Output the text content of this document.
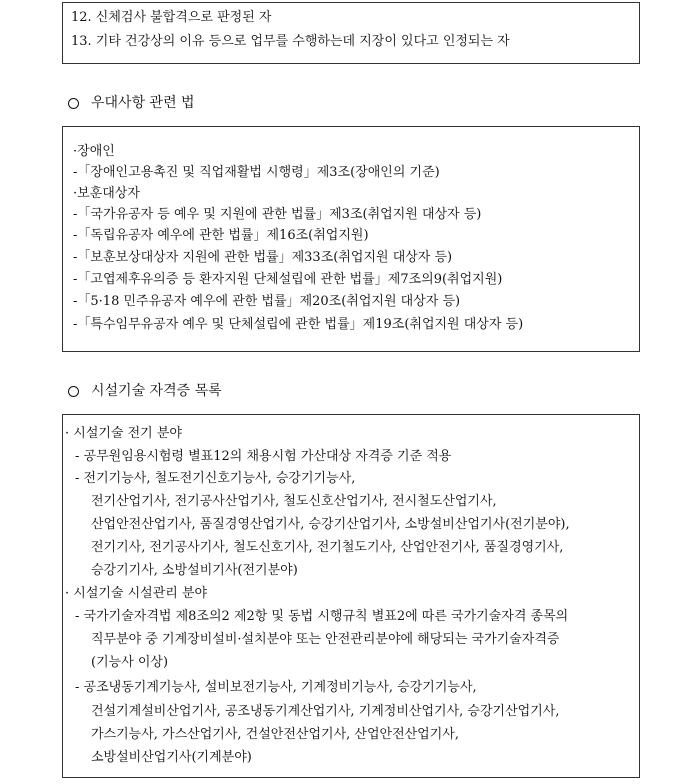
12. 신체검사 불합격으로 판정된 자
13. 기타 건강상의 이유 등으로 업무를 수행하는데 지장이 있다고 인정되는 자
우대사항 관련 법
·장애인
-「장애인고용촉진 및 직업재활법 시행령」제3조(장애인의 기준)
·보훈대상자
-「국가유공자 등 예우 및 지원에 관한 법률」제3조(취업지원 대상자 등)
-「독립유공자 예우에 관한 법률」제16조(취업지원)
-「보훈보상대상자 지원에 관한 법률」제33조(취업지원 대상자 등)
-「고엽제후유의증 등 환자지원 단체설립에 관한 법률」제7조의9(취업지원)
-「5·18 민주유공자 예우에 관한 법률」제20조(취업지원 대상자 등)
-「특수임무유공자 예우 및 단체설립에 관한 법률」제19조(취업지원 대상자 등)
시설기술 자격증 목록
· 시설기술 전기 분야
- 공무원임용시험령 별표12의 채용시험 가산대상 자격증 기준 적용
- 전기기능사, 철도전기신호기능사, 승강기기능사,
전기산업기사, 전기공사산업기사, 철도신호산업기사, 전시철도산업기사,
산업안전산업기사, 품질경영산업기사, 승강기산업기사, 소방설비산업기사(전기분야),
전기기사, 전기공사기사, 철도신호기사, 전기철도기사, 산업안전기사, 품질경영기사,
승강기기사, 소방설비기사(전기분야)
· 시설기술 시설관리 분야
- 국가기술자격법 제8조의2 제2항 및 동법 시행규칙 별표2에 따른 국가기술자격 종목의
직무분야 중 기계장비설비·설치분야 또는 안전관리분야에 해당되는 국가기술자격증
(기능사 이상)
- 공조냉동기계기능사, 설비보전기능사, 기계정비기능사, 승강기기능사,
건설기계설비산업기사, 공조냉동기계산업기사, 기계정비산업기사, 승강기산업기사,
가스기능사, 가스산업기사, 건설안전산업기사, 산업안전산업기사,
소방설비산업기사(기계분야)
